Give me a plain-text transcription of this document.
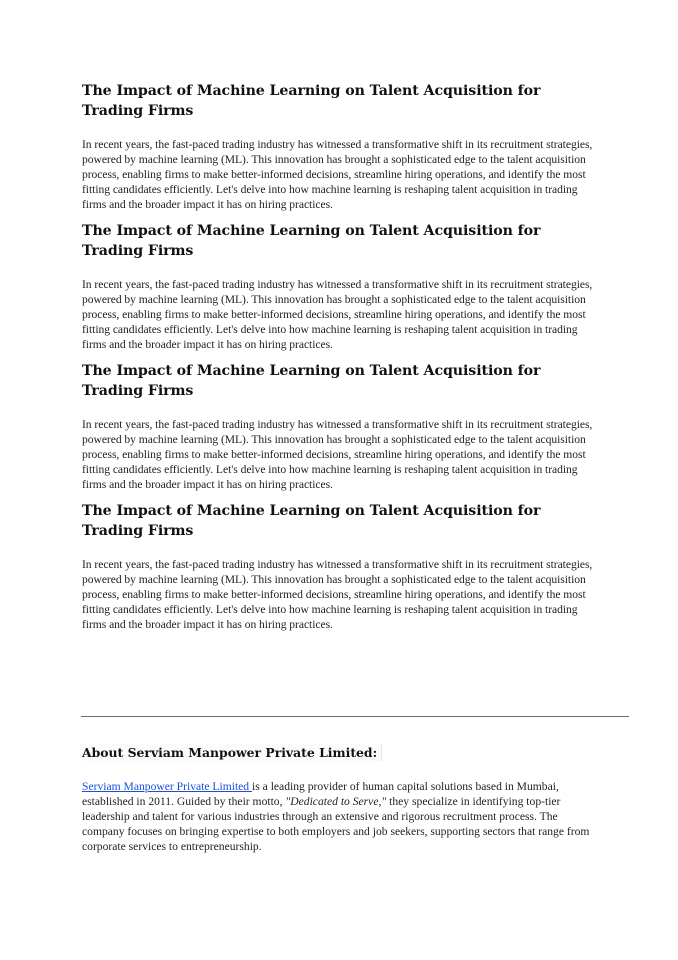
The Impact of Machine Learning on Talent Acquisition for Trading Firms

In recent years, the fast-paced trading industry has witnessed a transformative shift in its recruitment strategies, powered by machine learning (ML). This innovation has brought a sophisticated edge to the talent acquisition process, enabling firms to make better-informed decisions, streamline hiring operations, and identify the most fitting candidates efficiently. Let's delve into how machine learning is reshaping talent acquisition in trading firms and the broader impact it has on hiring practices.

The Impact of Machine Learning on Talent Acquisition for Trading Firms

In recent years, the fast-paced trading industry has witnessed a transformative shift in its recruitment strategies, powered by machine learning (ML). This innovation has brought a sophisticated edge to the talent acquisition process, enabling firms to make better-informed decisions, streamline hiring operations, and identify the most fitting candidates efficiently. Let's delve into how machine learning is reshaping talent acquisition in trading firms and the broader impact it has on hiring practices.

The Impact of Machine Learning on Talent Acquisition for Trading Firms

In recent years, the fast-paced trading industry has witnessed a transformative shift in its recruitment strategies, powered by machine learning (ML). This innovation has brought a sophisticated edge to the talent acquisition process, enabling firms to make better-informed decisions, streamline hiring operations, and identify the most fitting candidates efficiently. Let's delve into how machine learning is reshaping talent acquisition in trading firms and the broader impact it has on hiring practices.

The Impact of Machine Learning on Talent Acquisition for Trading Firms

In recent years, the fast-paced trading industry has witnessed a transformative shift in its recruitment strategies, powered by machine learning (ML). This innovation has brought a sophisticated edge to the talent acquisition process, enabling firms to make better-informed decisions, streamline hiring operations, and identify the most fitting candidates efficiently. Let's delve into how machine learning is reshaping talent acquisition in trading firms and the broader impact it has on hiring practices.

About Serviam Manpower Private Limited:

Serviam Manpower Private Limited is a leading provider of human capital solutions based in Mumbai, established in 2011. Guided by their motto, "Dedicated to Serve," they specialize in identifying top-tier leadership and talent for various industries through an extensive and rigorous recruitment process. The company focuses on bringing expertise to both employers and job seekers, supporting sectors that range from corporate services to entrepreneurship.
